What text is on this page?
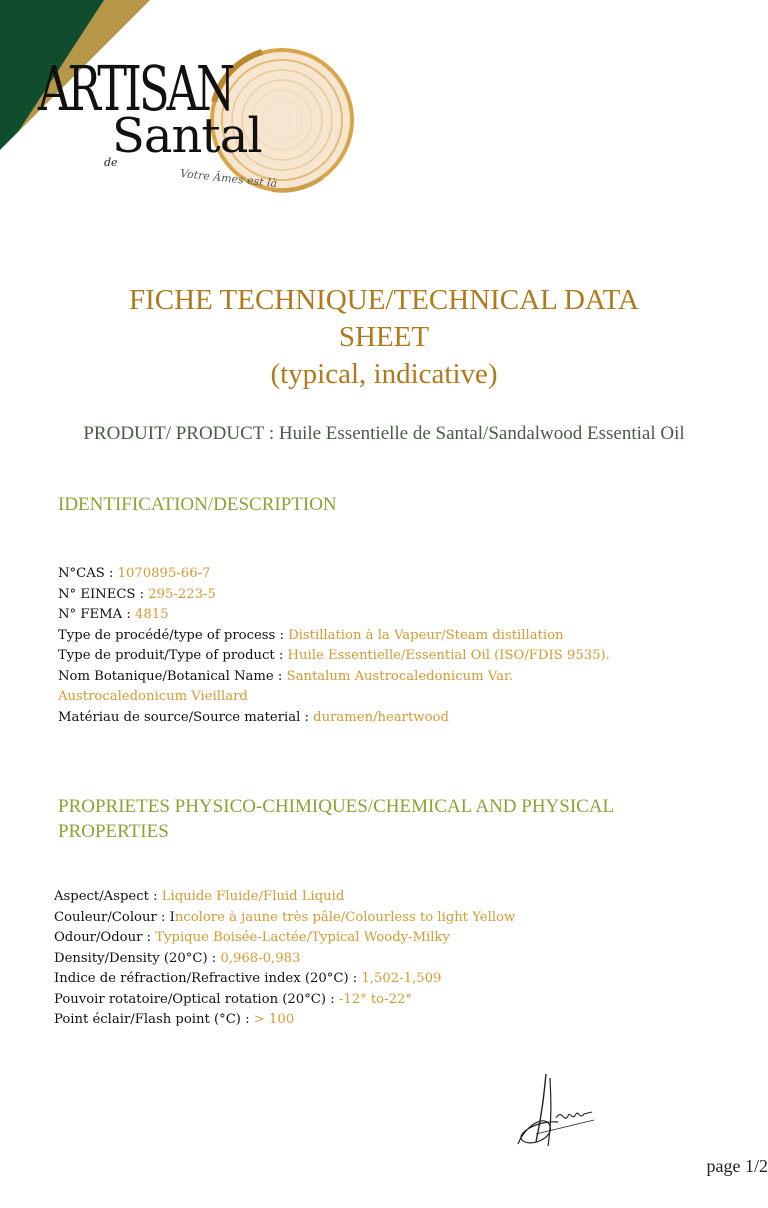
ARTISAN
Santal
de
Votre Âmes est là
FICHE TECHNIQUE/TECHNICAL DATA
SHEET
(typical, indicative)
PRODUIT/ PRODUCT : Huile Essentielle de Santal/Sandalwood Essential Oil
IDENTIFICATION/DESCRIPTION
N°CAS : 1070895-66-7
N° EINECS : 295-223-5
N° FEMA : 4815
Type de procédé/type of process : Distillation à la Vapeur/Steam distillation
Type de produit/Type of product : Huile Essentielle/Essential Oil (ISO/FDIS 9535).
Nom Botanique/Botanical Name : Santalum Austrocaledonicum Var. Austrocaledonicum Vieillard
Matériau de source/Source material : duramen/heartwood
PROPRIETES PHYSICO-CHIMIQUES/CHEMICAL AND PHYSICAL PROPERTIES
Aspect/Aspect : Liquide Fluide/Fluid Liquid
Couleur/Colour : Incolore à jaune très pâle/Colourless to light Yellow
Odour/Odour : Typique Boisée-Lactée/Typical Woody-Milky
Density/Density (20°C) : 0,968-0,983
Indice de réfraction/Refractive index (20°C) : 1,502-1,509
Pouvoir rotatoire/Optical rotation (20°C) : -12° to-22°
Point éclair/Flash point (°C) : > 100
page 1/2
